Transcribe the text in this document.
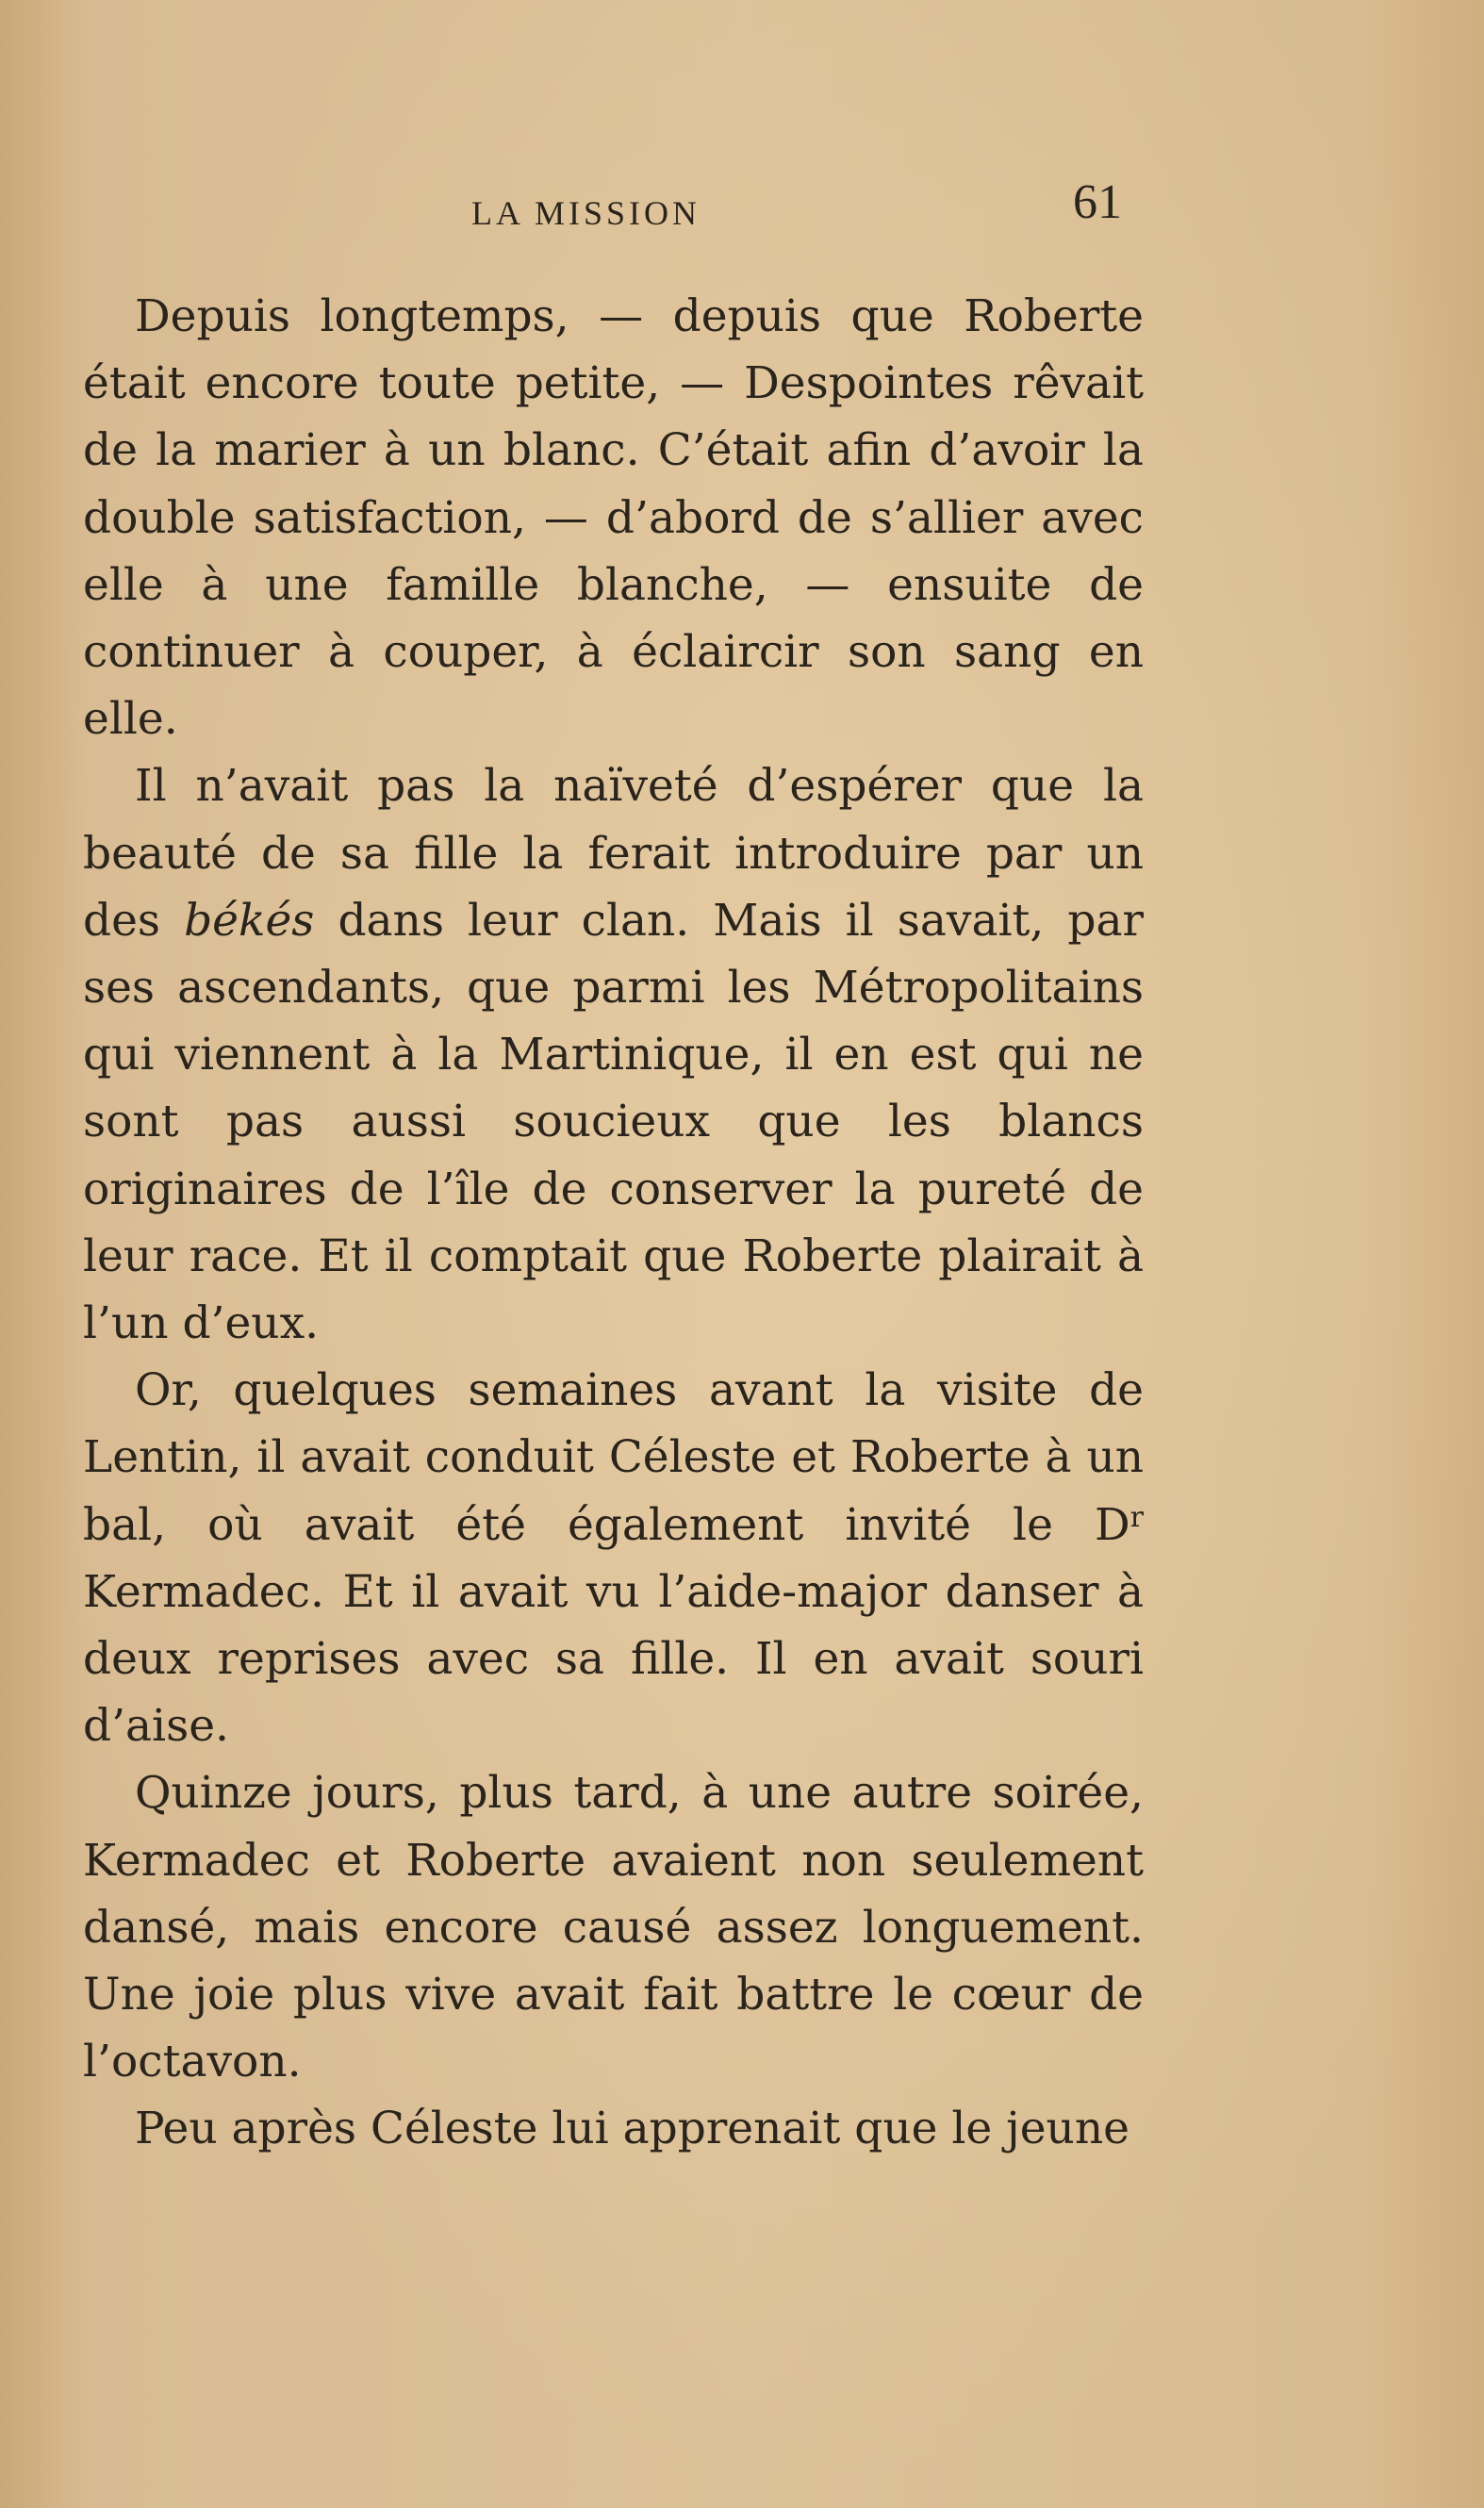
LA MISSION	61

Depuis longtemps, — depuis que Roberte était encore toute petite, — Despointes rêvait de la marier à un blanc. C’était afin d’avoir la double satisfaction, — d’abord de s’allier avec elle à une famille blanche, — ensuite de continuer à couper, à éclaircir son sang en elle.

Il n’avait pas la naïveté d’espérer que la beauté de sa fille la ferait introduire par un des békés dans leur clan. Mais il savait, par ses ascendants, que parmi les Métropolitains qui viennent à la Martinique, il en est qui ne sont pas aussi soucieux que les blancs originaires de l’île de conserver la pureté de leur race. Et il comptait que Roberte plairait à l’un d’eux.

Or, quelques semaines avant la visite de Lentin, il avait conduit Céleste et Roberte à un bal, où avait été également invité le $D^r$ Kermadec. Et il avait vu l’aide-major danser à deux reprises avec sa fille. Il en avait souri d’aise.

Quinze jours, plus tard, à une autre soirée, Kermadec et Roberte avaient non seulement dansé, mais encore causé assez longuement. Une joie plus vive avait fait battre le cœur de l’octavon.

Peu après Céleste lui apprenait que le jeune
